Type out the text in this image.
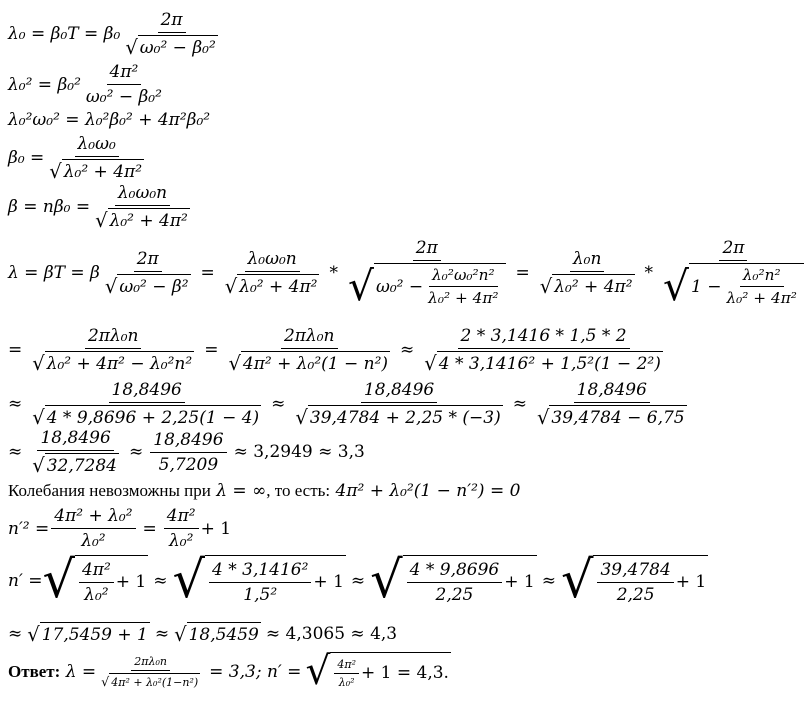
$\lambda_0 = \beta_0T = \beta_0 \frac{2\pi}{\text{√ ω₀² − β₀²}}$
$\lambda_0^2 = \beta_0^2 \frac{\text{4π²}}{\text{ω₀² − β₀²}}$
λ₀²ω₀² = λ₀²β₀² + 4π²β₀²
$\beta_0 = \frac{\text{λ₀ω₀}}{\text{√ λ₀² + 4π²}}$
$\beta = n\beta_0 = \frac{\text{λ₀ω₀n}}{\text{√ λ₀² + 4π²}}$
λ = βT = β $\frac{2\pi}{\text{√ ω₀² − β²}} = \frac{\text{λ₀ω₀n}}{\text{√ λ₀² + 4π²}} * \frac{2\pi}{√ \omega_0^2 - \frac{\text{λ₀²ω₀²n²}}{\text{λ₀² + 4π²}}} = \frac{\text{λ₀n}}{\text{√ λ₀² + 4π²}} * \frac{2\pi}{√ 1 - \frac{\text{λ₀²n²}}{\text{λ₀² + 4π²}}}$
= $\frac{\text{2πλ₀n}}{\text{√ λ₀² + 4π² − λ₀²n²}} = \frac{\text{2πλ₀n}}{\text{√ 4π² + λ₀²(1 − n²)}} \approx \frac{2 * 3,1416 * 1,5 * 2}{\text{√ 4 * 3,1416² + 1,5²(1 − 2²)}}$
≈ $\frac{18,8496}{√ 4 * 9,8696 + 2,25(1 - 4)} \approx \frac{18,8496}{√ 39,4784 + 2,25 * (-3)} \approx \frac{18,8496}{√ 39,4784 - 6,75}$
≈ $\frac{18,8496}{√ 32,7284} \approx \frac{18,8496}{5,7209} \approx 3,2949 \approx 3,3$
Колебания невозможны при
λ = ∞ , то есть:
4π² + λ₀²(1 − n′²) = 0
$n'^2 = \frac{\text{4π² + λ₀²}}{\text{λ₀²}} = \frac{\text{4π²}}{\text{λ₀²}} + 1$
n′ = √ $\frac{\text{4π²}}{\text{λ₀²}} + 1$ ≈ √ $\frac{\text{4 * 3,1416²}}{\text{1,5²}} + 1$ ≈ √ $\frac{4 * 9,8696}{2,25} + 1$ ≈ √ $\frac{39,4784}{2,25} + 1$
≈ √ 17,5459 + 1 ≈ √ 18,5459 ≈ 4,3065 ≈ 4,3
Ответ:
$\lambda = \frac{\text{2πλ₀n}}{\text{√ 4π² + λ₀²(1−n²)}} = 3,3$; n′ = √ $\frac{\text{4π²}}{\text{λ₀²}} + 1 = 4,3$.
